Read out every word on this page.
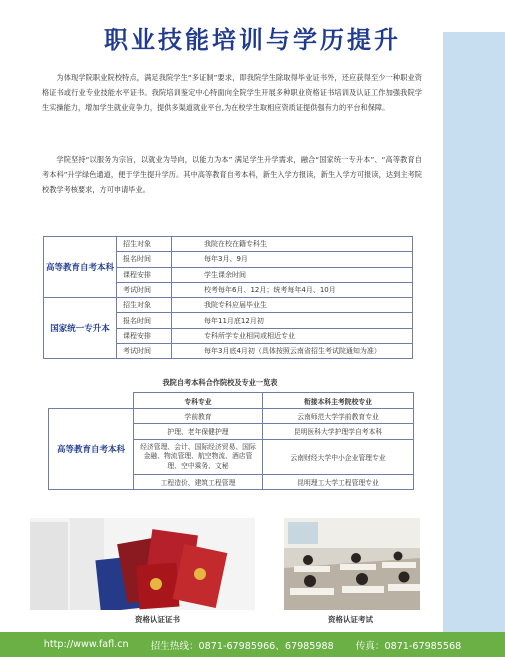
职业技能培训与学历提升
为体现学院职业院校特点，满足我院学生“多证制”要求，即我院学生除取得毕业证书外，还应获得至少一种职业资格证书或行业专业技能水平证书。我院培训鉴定中心特面向全院学生开展多种职业资格证书培训及认证工作加强我院学生实操能力，增加学生就业竞争力，提供多渠道就业平台,为在校学生取相应资质证提供强有力的平台和保障。
学院坚持“以服务为宗旨，以就业为导向，以能力为本” 满足学生升学需求，融合“国家统一专升本”、“高等教育自考本科”升学绿色通道，便于学生提升学历。其中高等教育自考本科，新生入学方报读，新生入学方可报读，达到主考院校教学考核要求，方可申请毕业。
高等教育自考本科	招生对象	我院在校在籍专科生
	报名时间	每年3月、9月
	课程安排	学生课余时间
	考试时间	校考每年6月、12月；统考每年4月、10月
国家统一专升本	招生对象	我院专科应届毕业生
	报名时间	每年11月底12月初
	课程安排	专科所学专业相同或相近专业
	考试时间	每年3月底4月初（具体按照云南省招生考试院通知为准）
我院自考本科合作院校及专业一览表
	专科专业	衔接本科主考院校专业
高等教育自考本科	学前教育	云南师范大学学前教育专业
	护理、老年保健护理	昆明医科大学护理学自考本科
	经济管理、会计、国际经济贸易、国际金融、物流管理、航空物流、酒店管理、空中乘务、文秘	云南财经大学中小企业管理专业
	工程造价、建筑工程管理	昆明理工大学工程管理专业
资格认证证书	资格认证考试
http://www.fafl.cn 招生热线：0871-67985966、67985988 传真：0871-67985568
